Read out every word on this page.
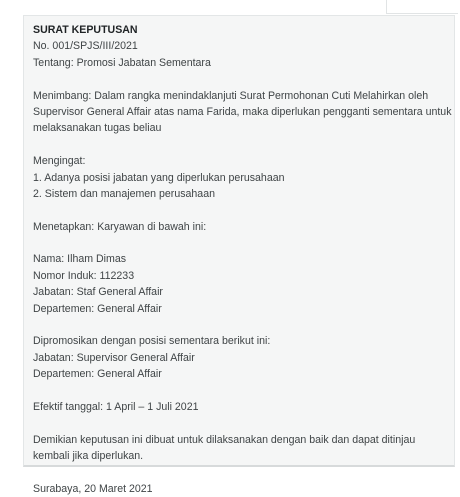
SURAT KEPUTUSAN
No. 001/SPJS/III/2021
Tentang: Promosi Jabatan Sementara
Menimbang: Dalam rangka menindaklanjuti Surat Permohonan Cuti Melahirkan oleh
Supervisor General Affair atas nama Farida, maka diperlukan pengganti sementara untuk
melaksanakan tugas beliau
Mengingat:
1. Adanya posisi jabatan yang diperlukan perusahaan
2. Sistem dan manajemen perusahaan
Menetapkan: Karyawan di bawah ini:
Nama: Ilham Dimas
Nomor Induk: 112233
Jabatan: Staf General Affair
Departemen: General Affair
Dipromosikan dengan posisi sementara berikut ini:
Jabatan: Supervisor General Affair
Departemen: General Affair
Efektif tanggal: 1 April – 1 Juli 2021
Demikian keputusan ini dibuat untuk dilaksanakan dengan baik dan dapat ditinjau
kembali jika diperlukan.
Surabaya, 20 Maret 2021
